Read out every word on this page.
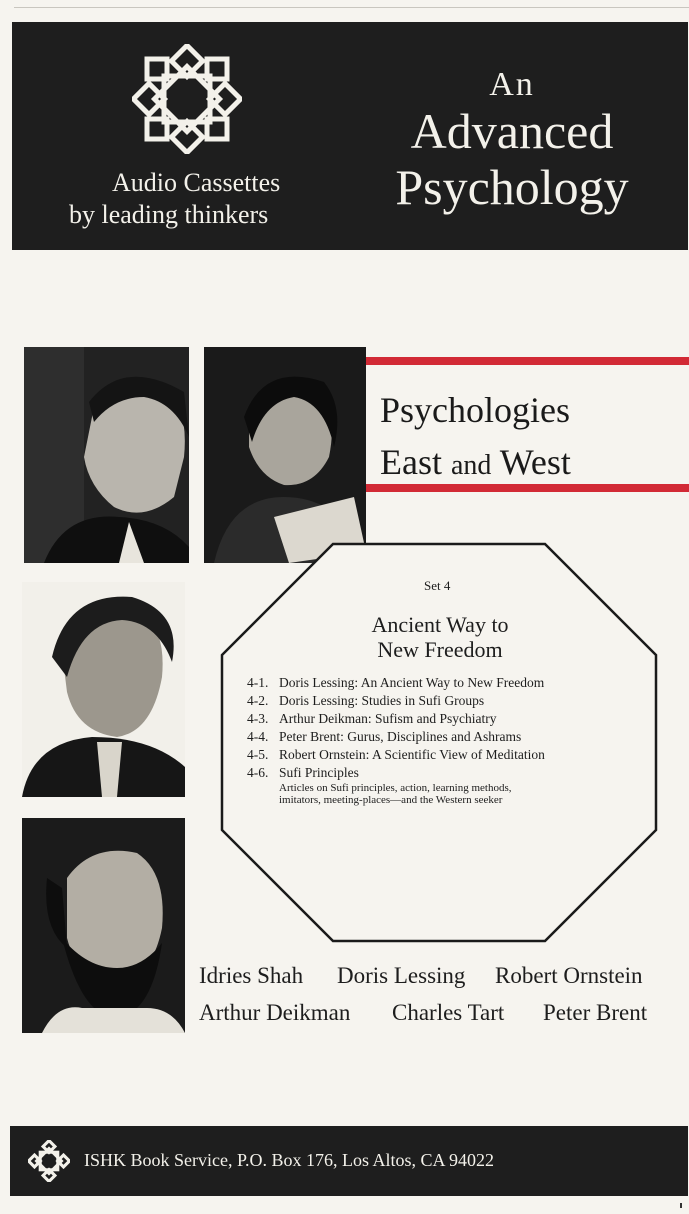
Audio Cassettes
by leading thinkers
An
Advanced
Psychology
Psychologies
East and West
Set 4
Ancient Way to
New Freedom
4-1. Doris Lessing: An Ancient Way to New Freedom
4-2. Doris Lessing: Studies in Sufi Groups
4-3. Arthur Deikman: Sufism and Psychiatry
4-4. Peter Brent: Gurus, Disciplines and Ashrams
4-5. Robert Ornstein: A Scientific View of Meditation
4-6. Sufi Principles
Articles on Sufi principles, action, learning methods,
imitators, meeting-places—and the Western seeker
Idries Shah Doris Lessing Robert Ornstein
Arthur Deikman Charles Tart Peter Brent
ISHK Book Service, P.O. Box 176, Los Altos, CA 94022
